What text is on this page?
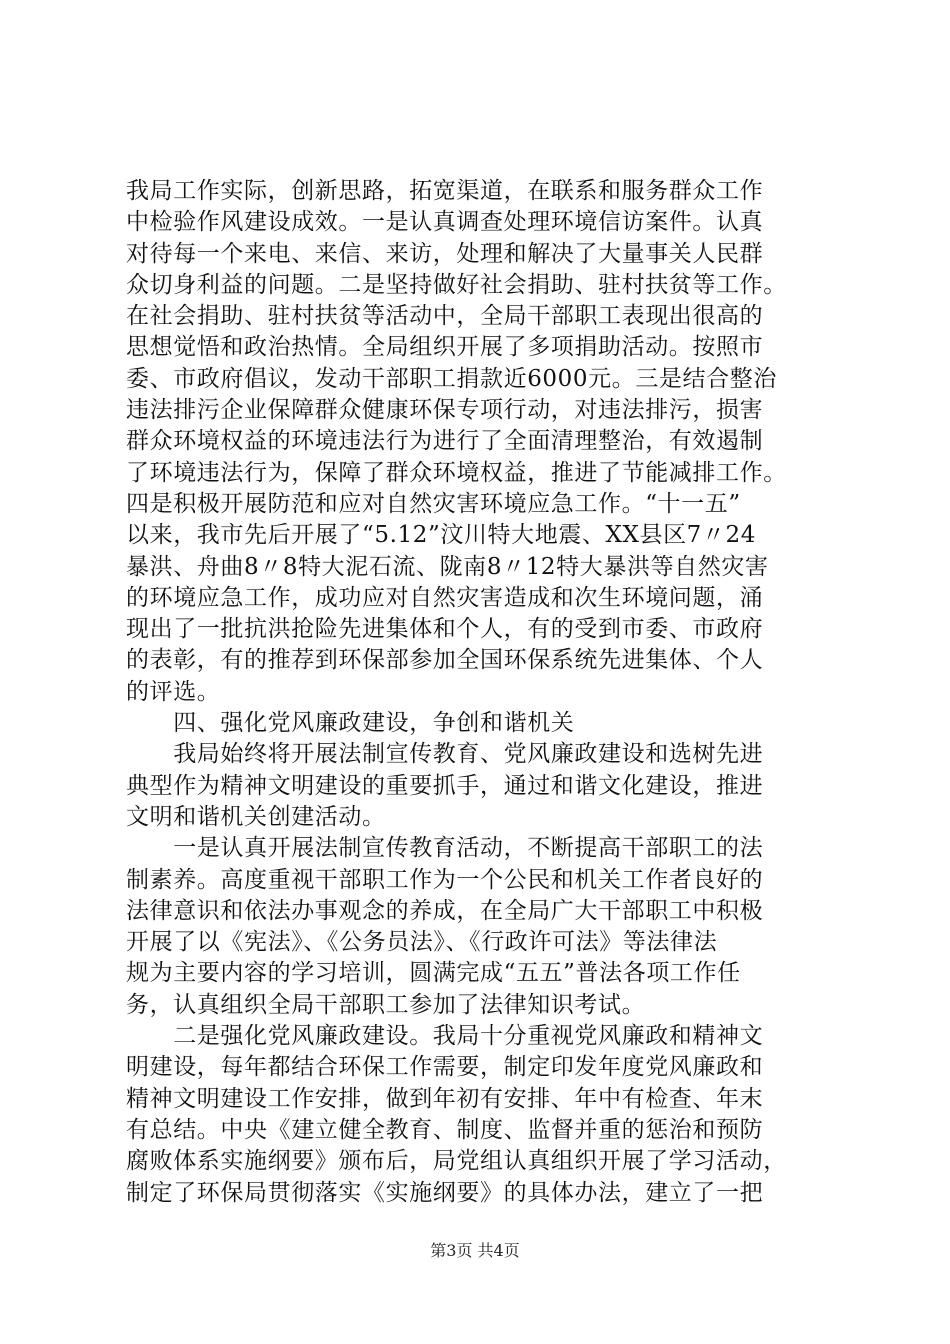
我局工作实际，创新思路，拓宽渠道，在联系和服务群众工作
中检验作风建设成效。一是认真调查处理环境信访案件。认真
对待每一个来电、来信、来访，处理和解决了大量事关人民群
众切身利益的问题。二是坚持做好社会捐助、驻村扶贫等工作。
在社会捐助、驻村扶贫等活动中，全局干部职工表现出很高的
思想觉悟和政治热情。全局组织开展了多项捐助活动。按照市
委、市政府倡议，发动干部职工捐款近6000元。三是结合整治
违法排污企业保障群众健康环保专项行动，对违法排污，损害
群众环境权益的环境违法行为进行了全面清理整治，有效遏制
了环境违法行为，保障了群众环境权益，推进了节能减排工作。
四是积极开展防范和应对自然灾害环境应急工作。“十一五”
以来，我市先后开展了“5.12”汶川特大地震、XX县区7〃24
暴洪、舟曲8〃8特大泥石流、陇南8〃12特大暴洪等自然灾害
的环境应急工作，成功应对自然灾害造成和次生环境问题，涌
现出了一批抗洪抢险先进集体和个人，有的受到市委、市政府
的表彰，有的推荐到环保部参加全国环保系统先进集体、个人
的评选。
　　四、强化党风廉政建设，争创和谐机关
　　我局始终将开展法制宣传教育、党风廉政建设和选树先进
典型作为精神文明建设的重要抓手，通过和谐文化建设，推进
文明和谐机关创建活动。
　　一是认真开展法制宣传教育活动，不断提高干部职工的法
制素养。高度重视干部职工作为一个公民和机关工作者良好的
法律意识和依法办事观念的养成，在全局广大干部职工中积极
开展了以《宪法》、《公务员法》、《行政许可法》等法律法
规为主要内容的学习培训，圆满完成“五五”普法各项工作任
务，认真组织全局干部职工参加了法律知识考试。
　　二是强化党风廉政建设。我局十分重视党风廉政和精神文
明建设，每年都结合环保工作需要，制定印发年度党风廉政和
精神文明建设工作安排，做到年初有安排、年中有检查、年末
有总结。中央《建立健全教育、制度、监督并重的惩治和预防
腐败体系实施纲要》颁布后，局党组认真组织开展了学习活动，
制定了环保局贯彻落实《实施纲要》的具体办法，建立了一把
第3页 共4页
